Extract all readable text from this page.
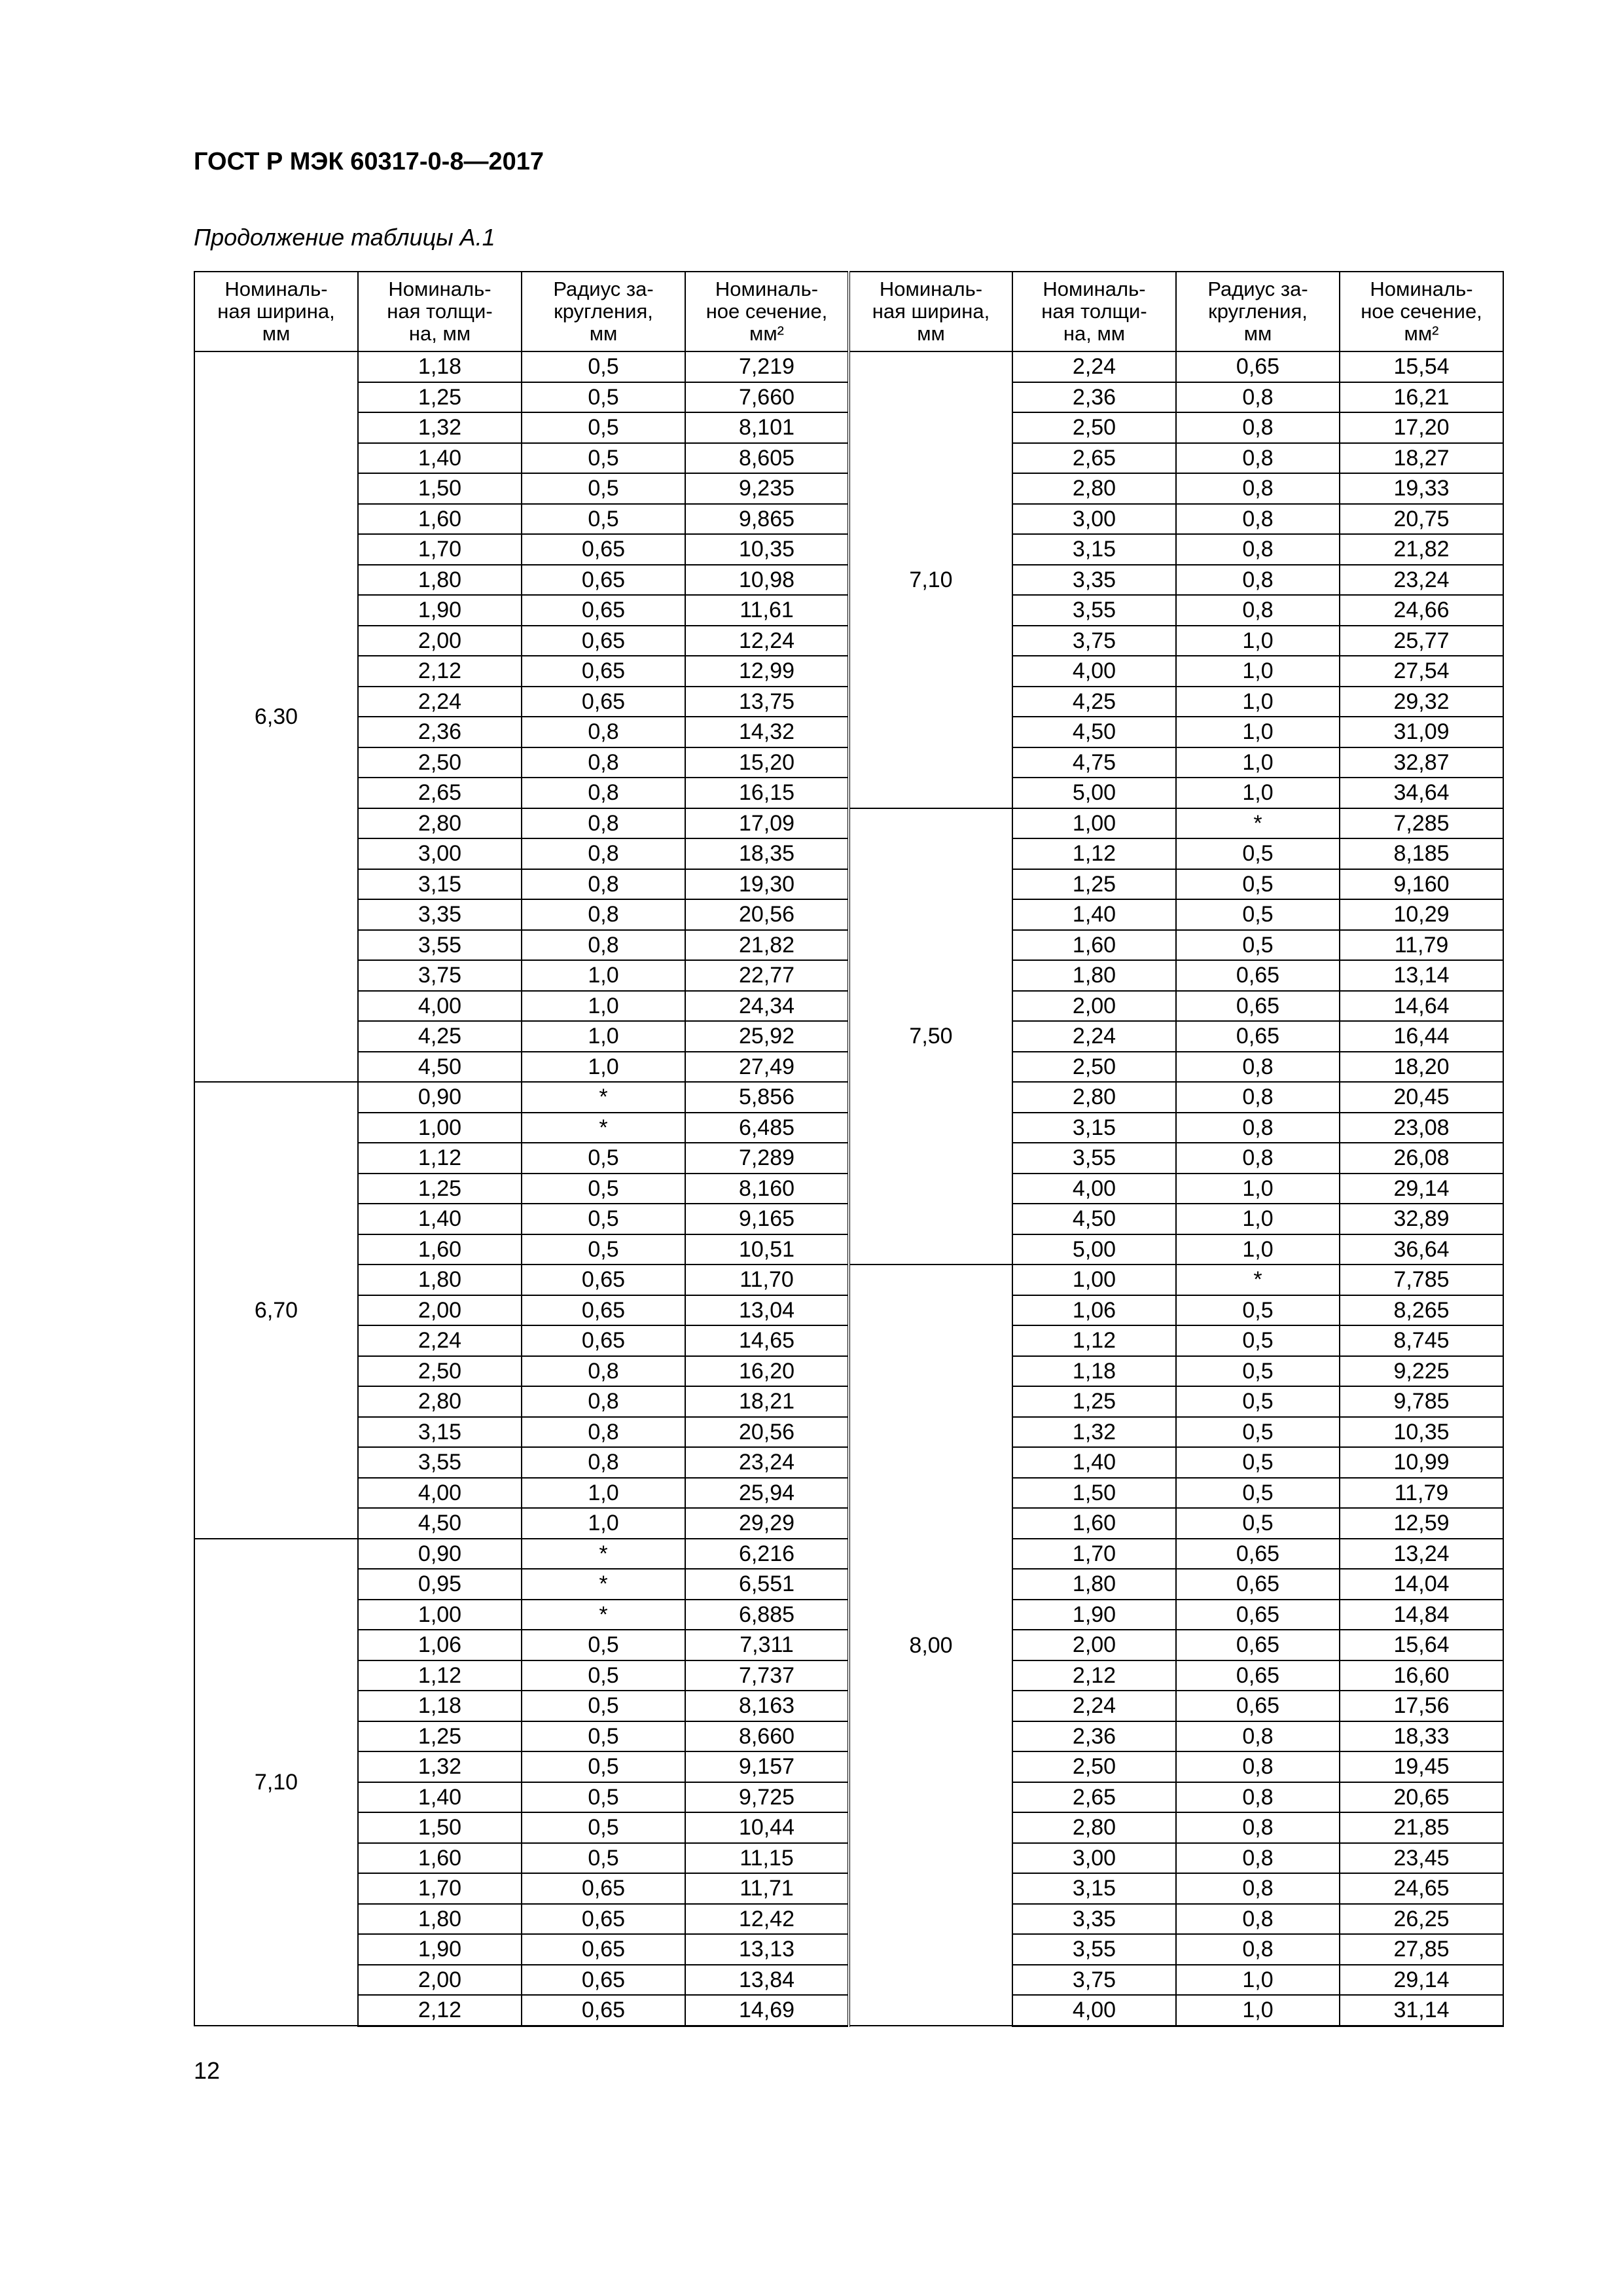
ГОСТ Р МЭК 60317-0-8—2017
Продолжение таблицы А.1
Номиналь-
ная ширина,
мм	Номиналь-
ная толщи-
на, мм	Радиус за-
кругления,
мм	Номиналь-
ное сечение,
мм²	Номиналь-
ная ширина,
мм	Номиналь-
ная толщи-
на, мм	Радиус за-
кругления,
мм	Номиналь-
ное сечение,
мм²
6,30	1,18	0,5	7,219	7,10	2,24	0,65	15,54
	1,25	0,5	7,660		2,36	0,8	16,21
	1,32	0,5	8,101		2,50	0,8	17,20
	1,40	0,5	8,605		2,65	0,8	18,27
	1,50	0,5	9,235		2,80	0,8	19,33
	1,60	0,5	9,865		3,00	0,8	20,75
	1,70	0,65	10,35		3,15	0,8	21,82
	1,80	0,65	10,98		3,35	0,8	23,24
	1,90	0,65	11,61		3,55	0,8	24,66
	2,00	0,65	12,24		3,75	1,0	25,77
	2,12	0,65	12,99		4,00	1,0	27,54
	2,24	0,65	13,75		4,25	1,0	29,32
	2,36	0,8	14,32		4,50	1,0	31,09
	2,50	0,8	15,20		4,75	1,0	32,87
	2,65	0,8	16,15		5,00	1,0	34,64
	2,80	0,8	17,09	7,50	1,00	*	7,285
	3,00	0,8	18,35		1,12	0,5	8,185
	3,15	0,8	19,30		1,25	0,5	9,160
	3,35	0,8	20,56		1,40	0,5	10,29
	3,55	0,8	21,82		1,60	0,5	11,79
	3,75	1,0	22,77		1,80	0,65	13,14
	4,00	1,0	24,34		2,00	0,65	14,64
	4,25	1,0	25,92		2,24	0,65	16,44
	4,50	1,0	27,49		2,50	0,8	18,20
6,70	0,90	*	5,856		2,80	0,8	20,45
	1,00	*	6,485		3,15	0,8	23,08
	1,12	0,5	7,289		3,55	0,8	26,08
	1,25	0,5	8,160		4,00	1,0	29,14
	1,40	0,5	9,165		4,50	1,0	32,89
	1,60	0,5	10,51		5,00	1,0	36,64
	1,80	0,65	11,70	8,00	1,00	*	7,785
	2,00	0,65	13,04		1,06	0,5	8,265
	2,24	0,65	14,65		1,12	0,5	8,745
	2,50	0,8	16,20		1,18	0,5	9,225
	2,80	0,8	18,21		1,25	0,5	9,785
	3,15	0,8	20,56		1,32	0,5	10,35
	3,55	0,8	23,24		1,40	0,5	10,99
	4,00	1,0	25,94		1,50	0,5	11,79
	4,50	1,0	29,29		1,60	0,5	12,59
7,10	0,90	*	6,216		1,70	0,65	13,24
	0,95	*	6,551		1,80	0,65	14,04
	1,00	*	6,885		1,90	0,65	14,84
	1,06	0,5	7,311		2,00	0,65	15,64
	1,12	0,5	7,737		2,12	0,65	16,60
	1,18	0,5	8,163		2,24	0,65	17,56
	1,25	0,5	8,660		2,36	0,8	18,33
	1,32	0,5	9,157		2,50	0,8	19,45
	1,40	0,5	9,725		2,65	0,8	20,65
	1,50	0,5	10,44		2,80	0,8	21,85
	1,60	0,5	11,15		3,00	0,8	23,45
	1,70	0,65	11,71		3,15	0,8	24,65
	1,80	0,65	12,42		3,35	0,8	26,25
	1,90	0,65	13,13		3,55	0,8	27,85
	2,00	0,65	13,84		3,75	1,0	29,14
	2,12	0,65	14,69		4,00	1,0	31,14
12
